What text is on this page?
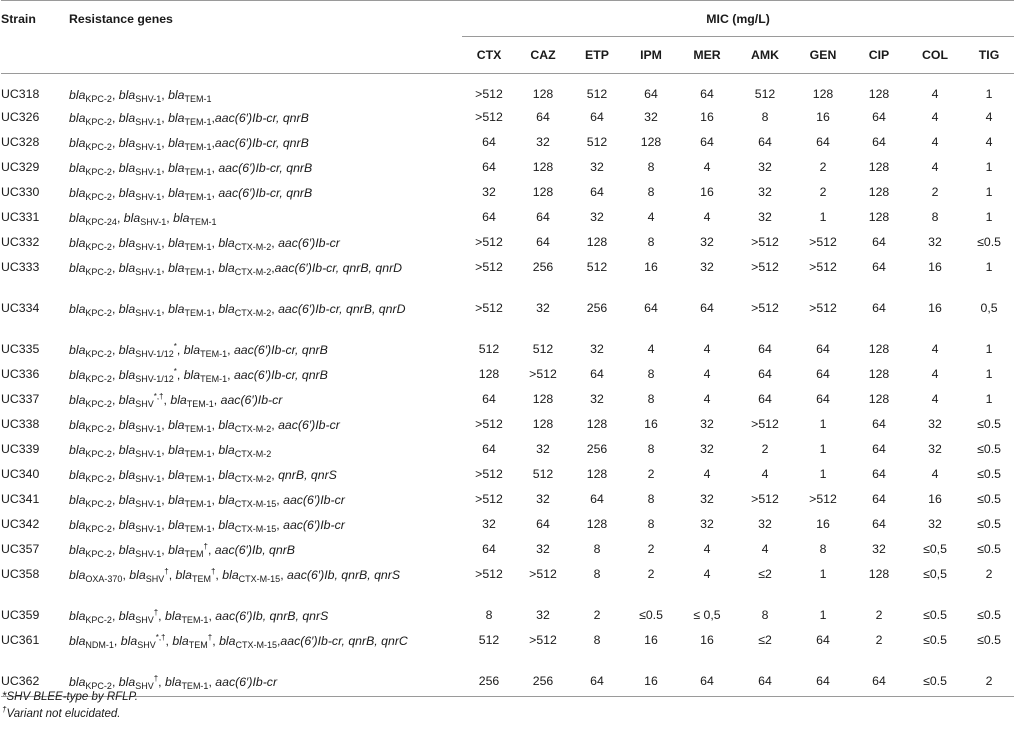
Strain	Resistance genes	MIC (mg/L)									
		CTX	CAZ	ETP	IPM	MER	AMK	GEN	CIP	COL	TIG
UC318	bla$_{KPC-2}$, bla$_{SHV-1}$, bla$_{TEM-1}$	>512	128	512	64	64	512	128	128	4	1
UC326	bla$_{KPC-2}$, bla$_{SHV-1}$, bla$_{TEM-1}$,aac(6′)Ib-cr, qnrB	>512	64	64	32	16	8	16	64	4	4
UC328	bla$_{KPC-2}$, bla$_{SHV-1}$, bla$_{TEM-1}$,aac(6′)Ib-cr, qnrB	64	32	512	128	64	64	64	64	4	4
UC329	bla$_{KPC-2}$, bla$_{SHV-1}$, bla$_{TEM-1}$, aac(6′)Ib-cr, qnrB	64	128	32	8	4	32	2	128	4	1
UC330	bla$_{KPC-2}$, bla$_{SHV-1}$, bla$_{TEM-1}$, aac(6′)Ib-cr, qnrB	32	128	64	8	16	32	2	128	2	1
UC331	bla$_{KPC-24}$, bla$_{SHV-1}$, bla$_{TEM-1}$	64	64	32	4	4	32	1	128	8	1
UC332	bla$_{KPC-2}$, bla$_{SHV-1}$, bla$_{TEM-1}$, bla$_{CTX-M-2}$, aac(6′)Ib-cr	>512	64	128	8	32	>512	>512	64	32	≤0.5
UC333	bla$_{KPC-2}$, bla$_{SHV-1}$, bla$_{TEM-1}$, bla$_{CTX-M-2}$,aac(6′)Ib-cr, qnrB, qnrD	>512	256	512	16	32	>512	>512	64	16	1
UC334	bla$_{KPC-2}$, bla$_{SHV-1}$, bla$_{TEM-1}$, bla$_{CTX-M-2}$, aac(6′)Ib-cr, qnrB, qnrD	>512	32	256	64	64	>512	>512	64	16	0,5
UC335	bla$_{KPC-2}$, bla$_{SHV-1/12}$*, bla$_{TEM-1}$, aac(6′)Ib-cr, qnrB	512	512	32	4	4	64	64	128	4	1
UC336	bla$_{KPC-2}$, bla$_{SHV-1/12}$*, bla$_{TEM-1}$, aac(6′)Ib-cr, qnrB	128	>512	64	8	4	64	64	128	4	1
UC337	bla$_{KPC-2}$, bla$_{SHV}$*,†, bla$_{TEM-1}$, aac(6′)Ib-cr	64	128	32	8	4	64	64	128	4	1
UC338	bla$_{KPC-2}$, bla$_{SHV-1}$, bla$_{TEM-1}$, bla$_{CTX-M-2}$, aac(6′)Ib-cr	>512	128	128	16	32	>512	1	64	32	≤0.5
UC339	bla$_{KPC-2}$, bla$_{SHV-1}$, bla$_{TEM-1}$, bla$_{CTX-M-2}$	64	32	256	8	32	2	1	64	32	≤0.5
UC340	bla$_{KPC-2}$, bla$_{SHV-1}$, bla$_{TEM-1}$, bla$_{CTX-M-2}$, qnrB, qnrS	>512	512	128	2	4	4	1	64	4	≤0.5
UC341	bla$_{KPC-2}$, bla$_{SHV-1}$, bla$_{TEM-1}$, bla$_{CTX-M-15}$, aac(6′)Ib-cr	>512	32	64	8	32	>512	>512	64	16	≤0.5
UC342	bla$_{KPC-2}$, bla$_{SHV-1}$, bla$_{TEM-1}$, bla$_{CTX-M-15}$, aac(6′)Ib-cr	32	64	128	8	32	32	16	64	32	≤0.5
UC357	bla$_{KPC-2}$, bla$_{SHV-1}$, bla$_{TEM}$†, aac(6′)Ib, qnrB	64	32	8	2	4	4	8	32	≤0,5	≤0.5
UC358	bla$_{OXA-370}$, bla$_{SHV}$†, bla$_{TEM}$†, bla$_{CTX-M-15}$, aac(6′)Ib, qnrB, qnrS	>512	>512	8	2	4	≤2	1	128	≤0,5	2
UC359	bla$_{KPC-2}$, bla$_{SHV}$†, bla$_{TEM-1}$, aac(6′)Ib, qnrB, qnrS	8	32	2	≤0.5	≤ 0,5	8	1	2	≤0.5	≤0.5
UC361	bla$_{NDM-1}$, bla$_{SHV}$*,†, bla$_{TEM}$†, bla$_{CTX-M-15}$,aac(6′)Ib-cr, qnrB, qnrC	512	>512	8	16	16	≤2	64	2	≤0.5	≤0.5
UC362	bla$_{KPC-2}$, bla$_{SHV}$†, bla$_{TEM-1}$, aac(6′)Ib-cr	256	256	64	16	64	64	64	64	≤0.5	2
*SHV BLEE-type by RFLP.
†Variant not elucidated.
